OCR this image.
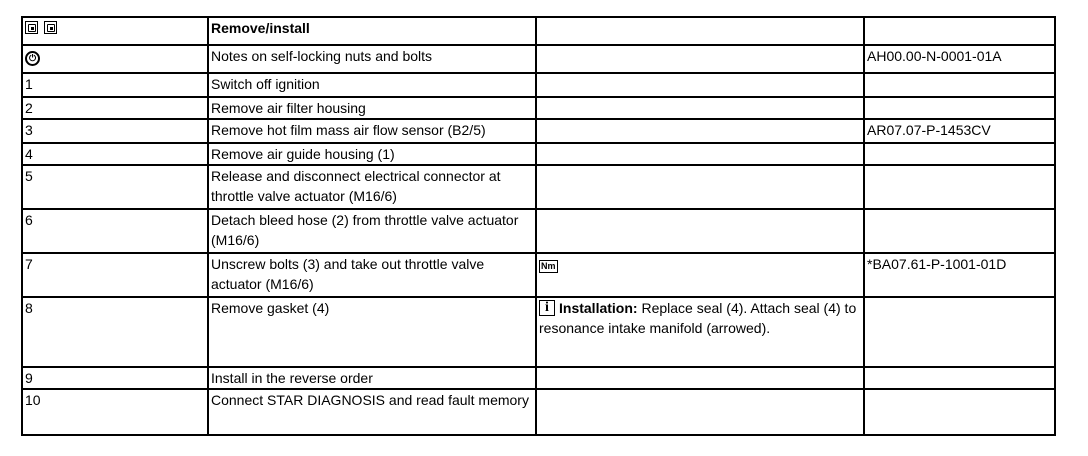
	Remove/install		
⏻	Notes on self-locking nuts and bolts		AH00.00-N-0001-01A
1	Switch off ignition		
2	Remove air filter housing		
3	Remove hot film mass air flow sensor (B2/5)		AR07.07-P-1453CV
4	Remove air guide housing (1)		
5	Release and disconnect electrical connector at throttle valve actuator (M16/6)		
6	Detach bleed hose (2) from throttle valve actuator (M16/6)		
7	Unscrew bolts (3) and take out throttle valve actuator (M16/6)	Nm	*BA07.61-P-1001-01D
8	Remove gasket (4)	i Installation: Replace seal (4). Attach seal (4) to resonance intake manifold (arrowed).	
9	Install in the reverse order		
10	Connect STAR DIAGNOSIS and read fault memory		
